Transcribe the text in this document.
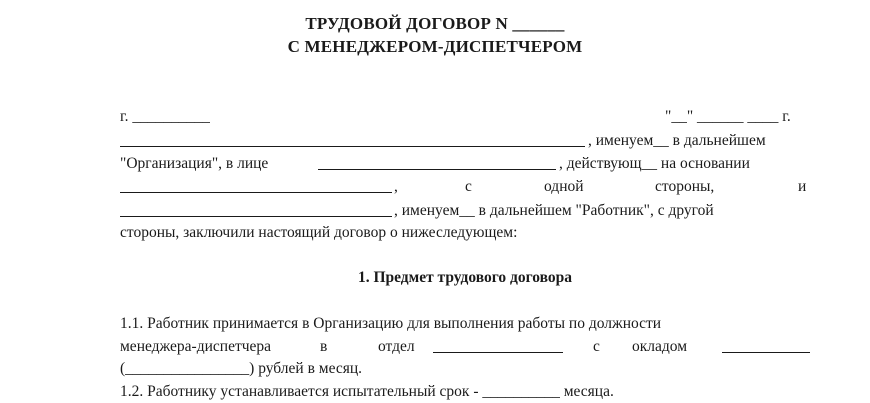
ТРУДОВОЙ ДОГОВОР N ______
С МЕНЕДЖЕРОМ-ДИСПЕТЧЕРОМ
г. __________	"__" ______ ____ г.
, именуем__ в дальнейшем
"Организация", в лице	, действующ__ на основании
,	с	одной	стороны,	и
, именуем__ в дальнейшем "Работник", с другой
стороны, заключили настоящий договор о нижеследующем:
1. Предмет трудового договора
1.1. Работник принимается в Организацию для выполнения работы по должности
менеджера-диспетчера	в	отдел	с окладом
(________________) рублей в месяц.
1.2. Работнику устанавливается испытательный срок - __________ месяца.
